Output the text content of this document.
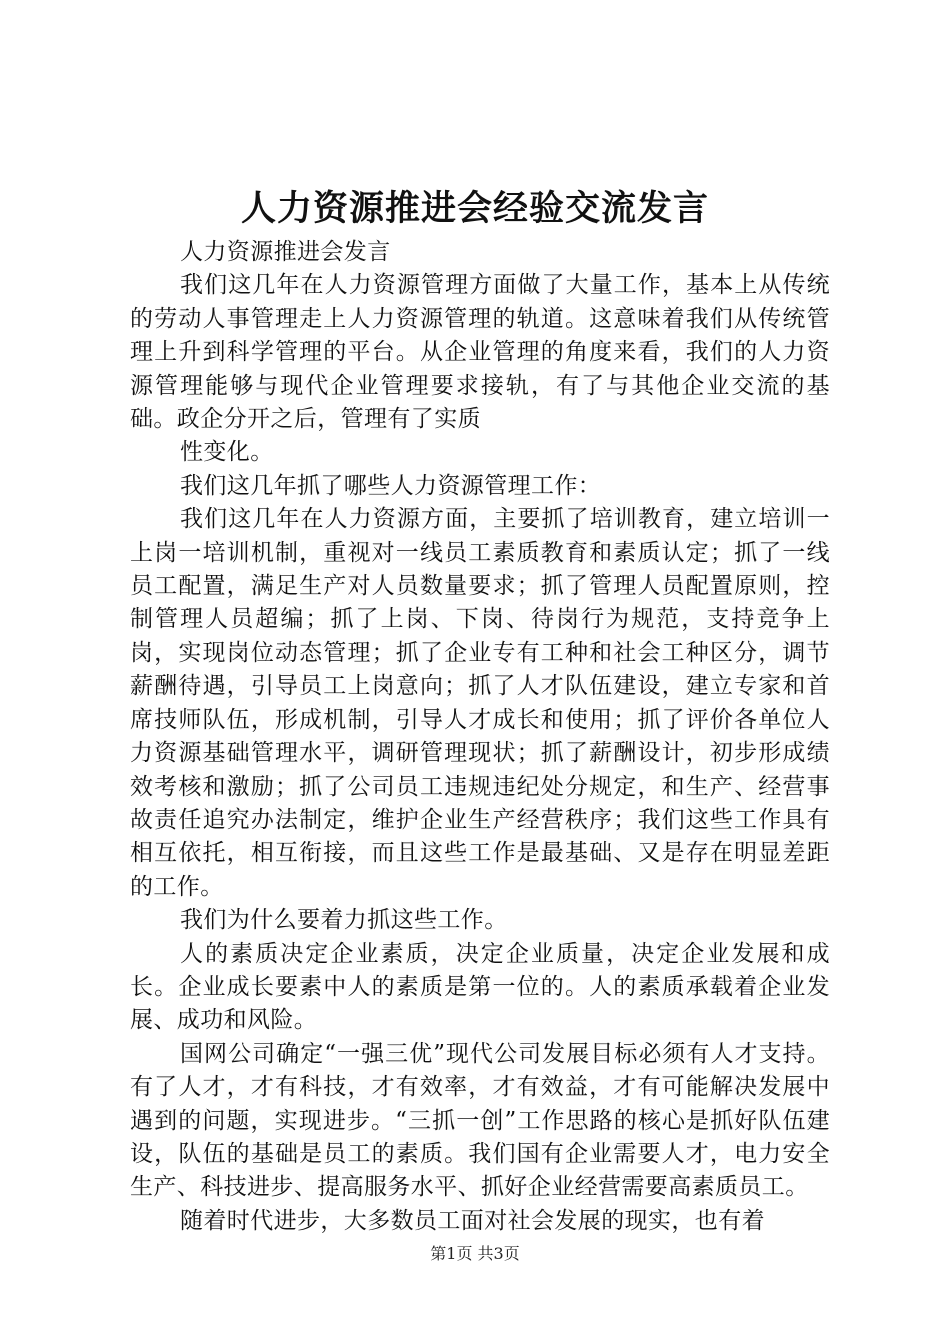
人力资源推进会经验交流发言

人力资源推进会发言

我们这几年在人力资源管理方面做了大量工作，基本上从传统的劳动人事管理走上人力资源管理的轨道。这意味着我们从传统管理上升到科学管理的平台。从企业管理的角度来看，我们的人力资源管理能够与现代企业管理要求接轨，有了与其他企业交流的基础。政企分开之后，管理有了实质

性变化。

我们这几年抓了哪些人力资源管理工作：

我们这几年在人力资源方面，主要抓了培训教育，建立培训一上岗一培训机制，重视对一线员工素质教育和素质认定；抓了一线员工配置，满足生产对人员数量要求；抓了管理人员配置原则，控制管理人员超编；抓了上岗、下岗、待岗行为规范，支持竞争上岗，实现岗位动态管理；抓了企业专有工种和社会工种区分，调节薪酬待遇，引导员工上岗意向；抓了人才队伍建设，建立专家和首席技师队伍，形成机制，引导人才成长和使用；抓了评价各单位人力资源基础管理水平，调研管理现状；抓了薪酬设计，初步形成绩效考核和激励；抓了公司员工违规违纪处分规定，和生产、经营事故责任追究办法制定，维护企业生产经营秩序；我们这些工作具有相互依托，相互衔接，而且这些工作是最基础、又是存在明显差距的工作。

我们为什么要着力抓这些工作。

人的素质决定企业素质，决定企业质量，决定企业发展和成长。企业成长要素中人的素质是第一位的。人的素质承载着企业发展、成功和风险。

国网公司确定“一强三优”现代公司发展目标必须有人才支持。有了人才，才有科技，才有效率，才有效益，才有可能解决发展中遇到的问题，实现进步。“三抓一创”工作思路的核心是抓好队伍建设，队伍的基础是员工的素质。我们国有企业需要人才，电力安全生产、科技进步、提高服务水平、抓好企业经营需要高素质员工。

随着时代进步，大多数员工面对社会发展的现实，也有着

第1页 共3页
